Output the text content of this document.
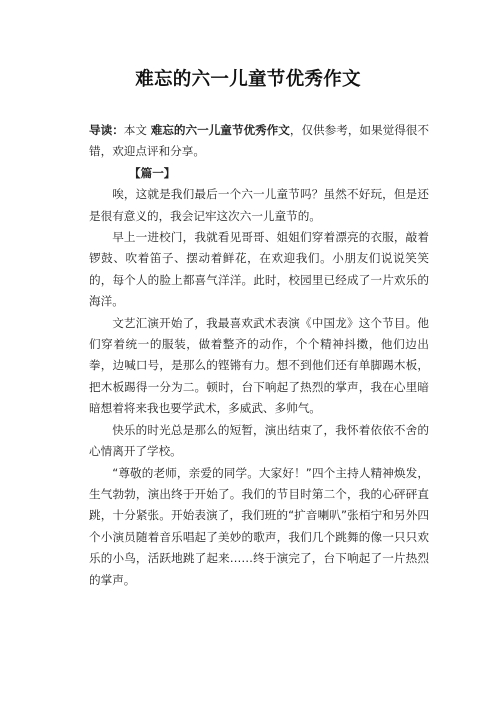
难忘的六一儿童节优秀作文

导读：本文 难忘的六一儿童节优秀作文，仅供参考，如果觉得很不错，欢迎点评和分享。

【篇一】

唉，这就是我们最后一个六一儿童节吗？虽然不好玩，但是还是很有意义的，我会记牢这次六一儿童节的。

早上一进校门，我就看见哥哥、姐姐们穿着漂亮的衣服，敲着锣鼓、吹着笛子、摆动着鲜花，在欢迎我们。小朋友们说说笑笑的，每个人的脸上都喜气洋洋。此时，校园里已经成了一片欢乐的海洋。

文艺汇演开始了，我最喜欢武术表演《中国龙》这个节目。他们穿着统一的服装，做着整齐的动作，个个精神抖擞，他们边出拳，边喊口号，是那么的铿锵有力。想不到他们还有单脚踢木板，把木板踢得一分为二。顿时，台下响起了热烈的掌声，我在心里暗暗想着将来我也要学武术，多威武、多帅气。

快乐的时光总是那么的短暂，演出结束了，我怀着依依不舍的心情离开了学校。

“尊敬的老师，亲爱的同学。大家好！”四个主持人精神焕发，生气勃勃，演出终于开始了。我们的节目时第二个，我的心砰砰直跳，十分紧张。开始表演了，我们班的“扩音喇叭”张栢宁和另外四个小演员随着音乐唱起了美妙的歌声，我们几个跳舞的像一只只欢乐的小鸟，活跃地跳了起来……终于演完了，台下响起了一片热烈的掌声。
